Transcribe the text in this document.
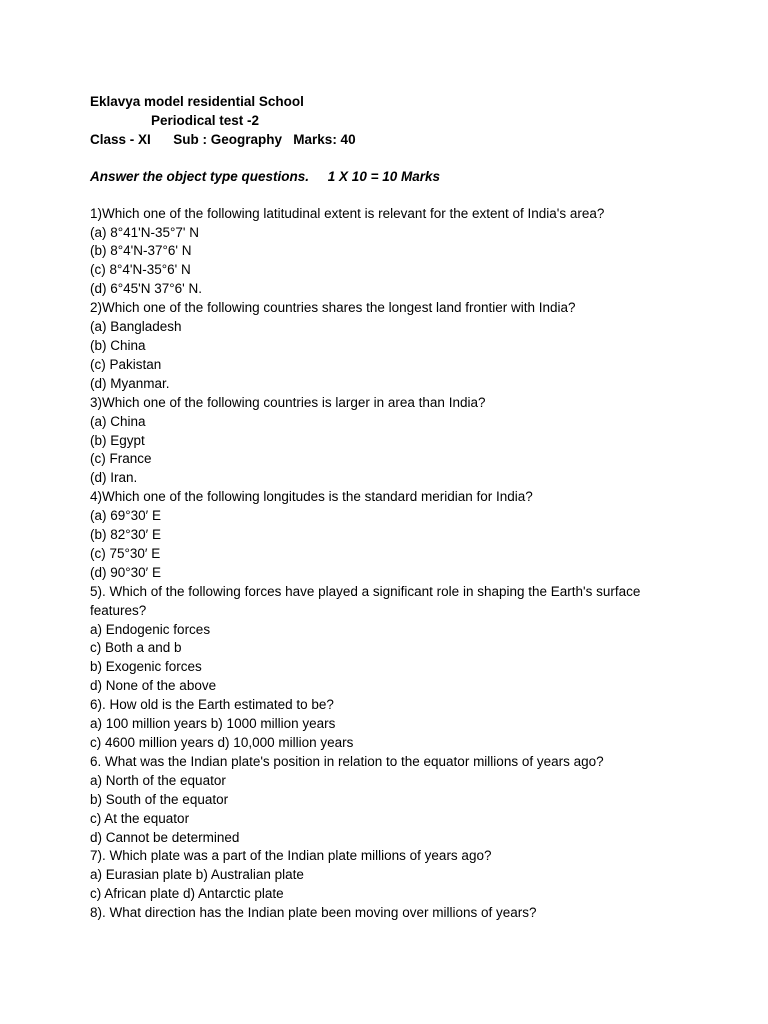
Eklavya model residential School
Periodical test -2
Class - XI      Sub : Geography   Marks: 40
Answer the object type questions.     1 X 10 = 10 Marks
1)Which one of the following latitudinal extent is relevant for the extent of India's area?
(a) 8°41'N-35°7' N
(b) 8°4'N-37°6' N
(c) 8°4'N-35°6' N
(d) 6°45'N 37°6' N.
2)Which one of the following countries shares the longest land frontier with India?
(a) Bangladesh
(b) China
(c) Pakistan
(d) Myanmar.
3)Which one of the following countries is larger in area than India?
(a) China
(b) Egypt
(c) France
(d) Iran.
4)Which one of the following longitudes is the standard meridian for India?
(a) 69°30′ E
(b) 82°30′ E
(c) 75°30′ E
(d) 90°30′ E
5). Which of the following forces have played a significant role in shaping the Earth's surface
features?
a) Endogenic forces
c) Both a and b
b) Exogenic forces
d) None of the above
6). How old is the Earth estimated to be?
a) 100 million years b) 1000 million years
c) 4600 million years d) 10,000 million years
6. What was the Indian plate's position in relation to the equator millions of years ago?
a) North of the equator
b) South of the equator
c) At the equator
d) Cannot be determined
7). Which plate was a part of the Indian plate millions of years ago?
a) Eurasian plate b) Australian plate
c) African plate d) Antarctic plate
8). What direction has the Indian plate been moving over millions of years?
